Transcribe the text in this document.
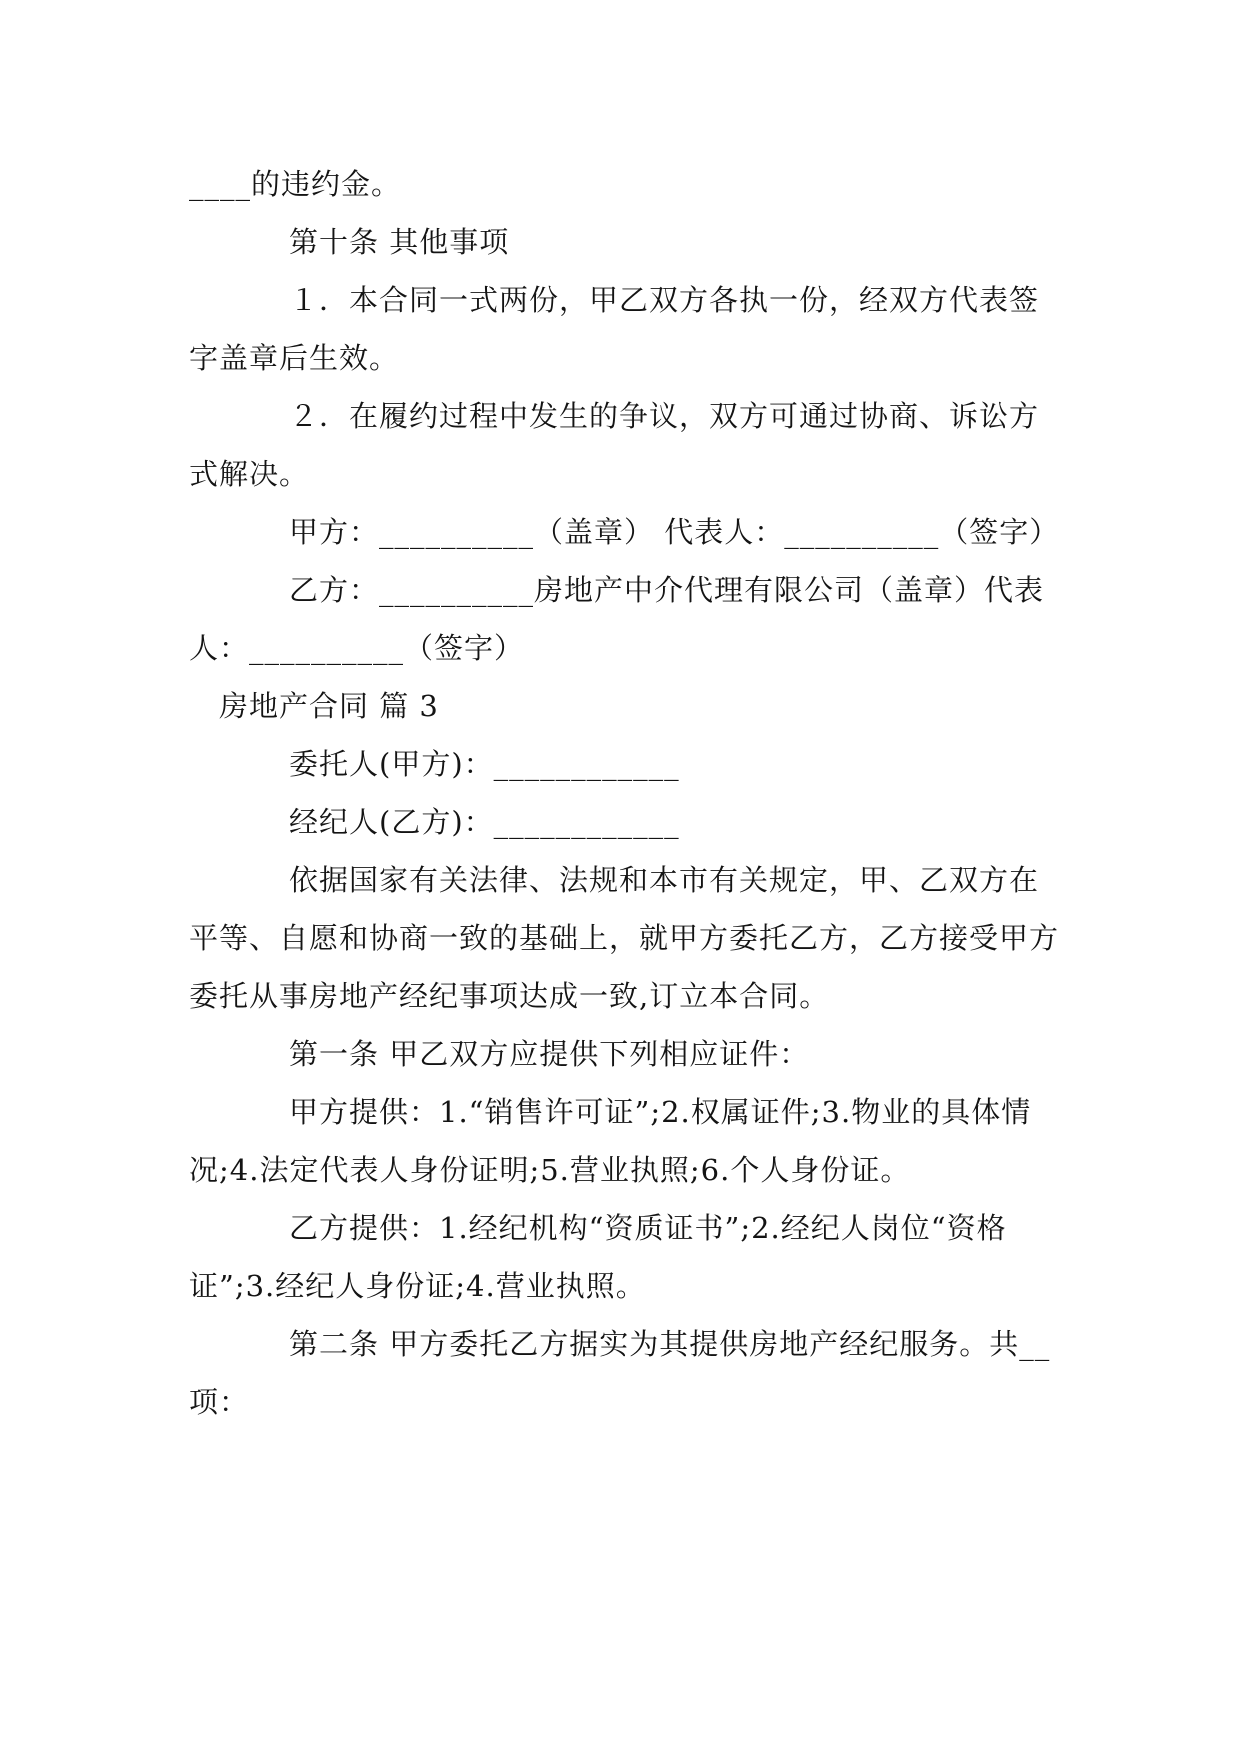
____的违约金。

第十条 其他事项

１．本合同一式两份，甲乙双方各执一份，经双方代表签字盖章后生效。

２．在履约过程中发生的争议，双方可通过协商、诉讼方式解决。

甲方：__________（盖章） 代表人：__________（签字）

乙方：__________房地产中介代理有限公司（盖章）代表人：__________（签字）

房地产合同 篇 3

委托人(甲方)：____________

经纪人(乙方)：____________

依据国家有关法律、法规和本市有关规定，甲、乙双方在平等、自愿和协商一致的基础上，就甲方委托乙方，乙方接受甲方委托从事房地产经纪事项达成一致,订立本合同。

第一条 甲乙双方应提供下列相应证件：

甲方提供：1.“销售许可证”;2.权属证件;3.物业的具体情况;4.法定代表人身份证明;5.营业执照;6.个人身份证。

乙方提供：1.经纪机构“资质证书”;2.经纪人岗位“资格证”;3.经纪人身份证;4.营业执照。

第二条 甲方委托乙方据实为其提供房地产经纪服务。共__项：
